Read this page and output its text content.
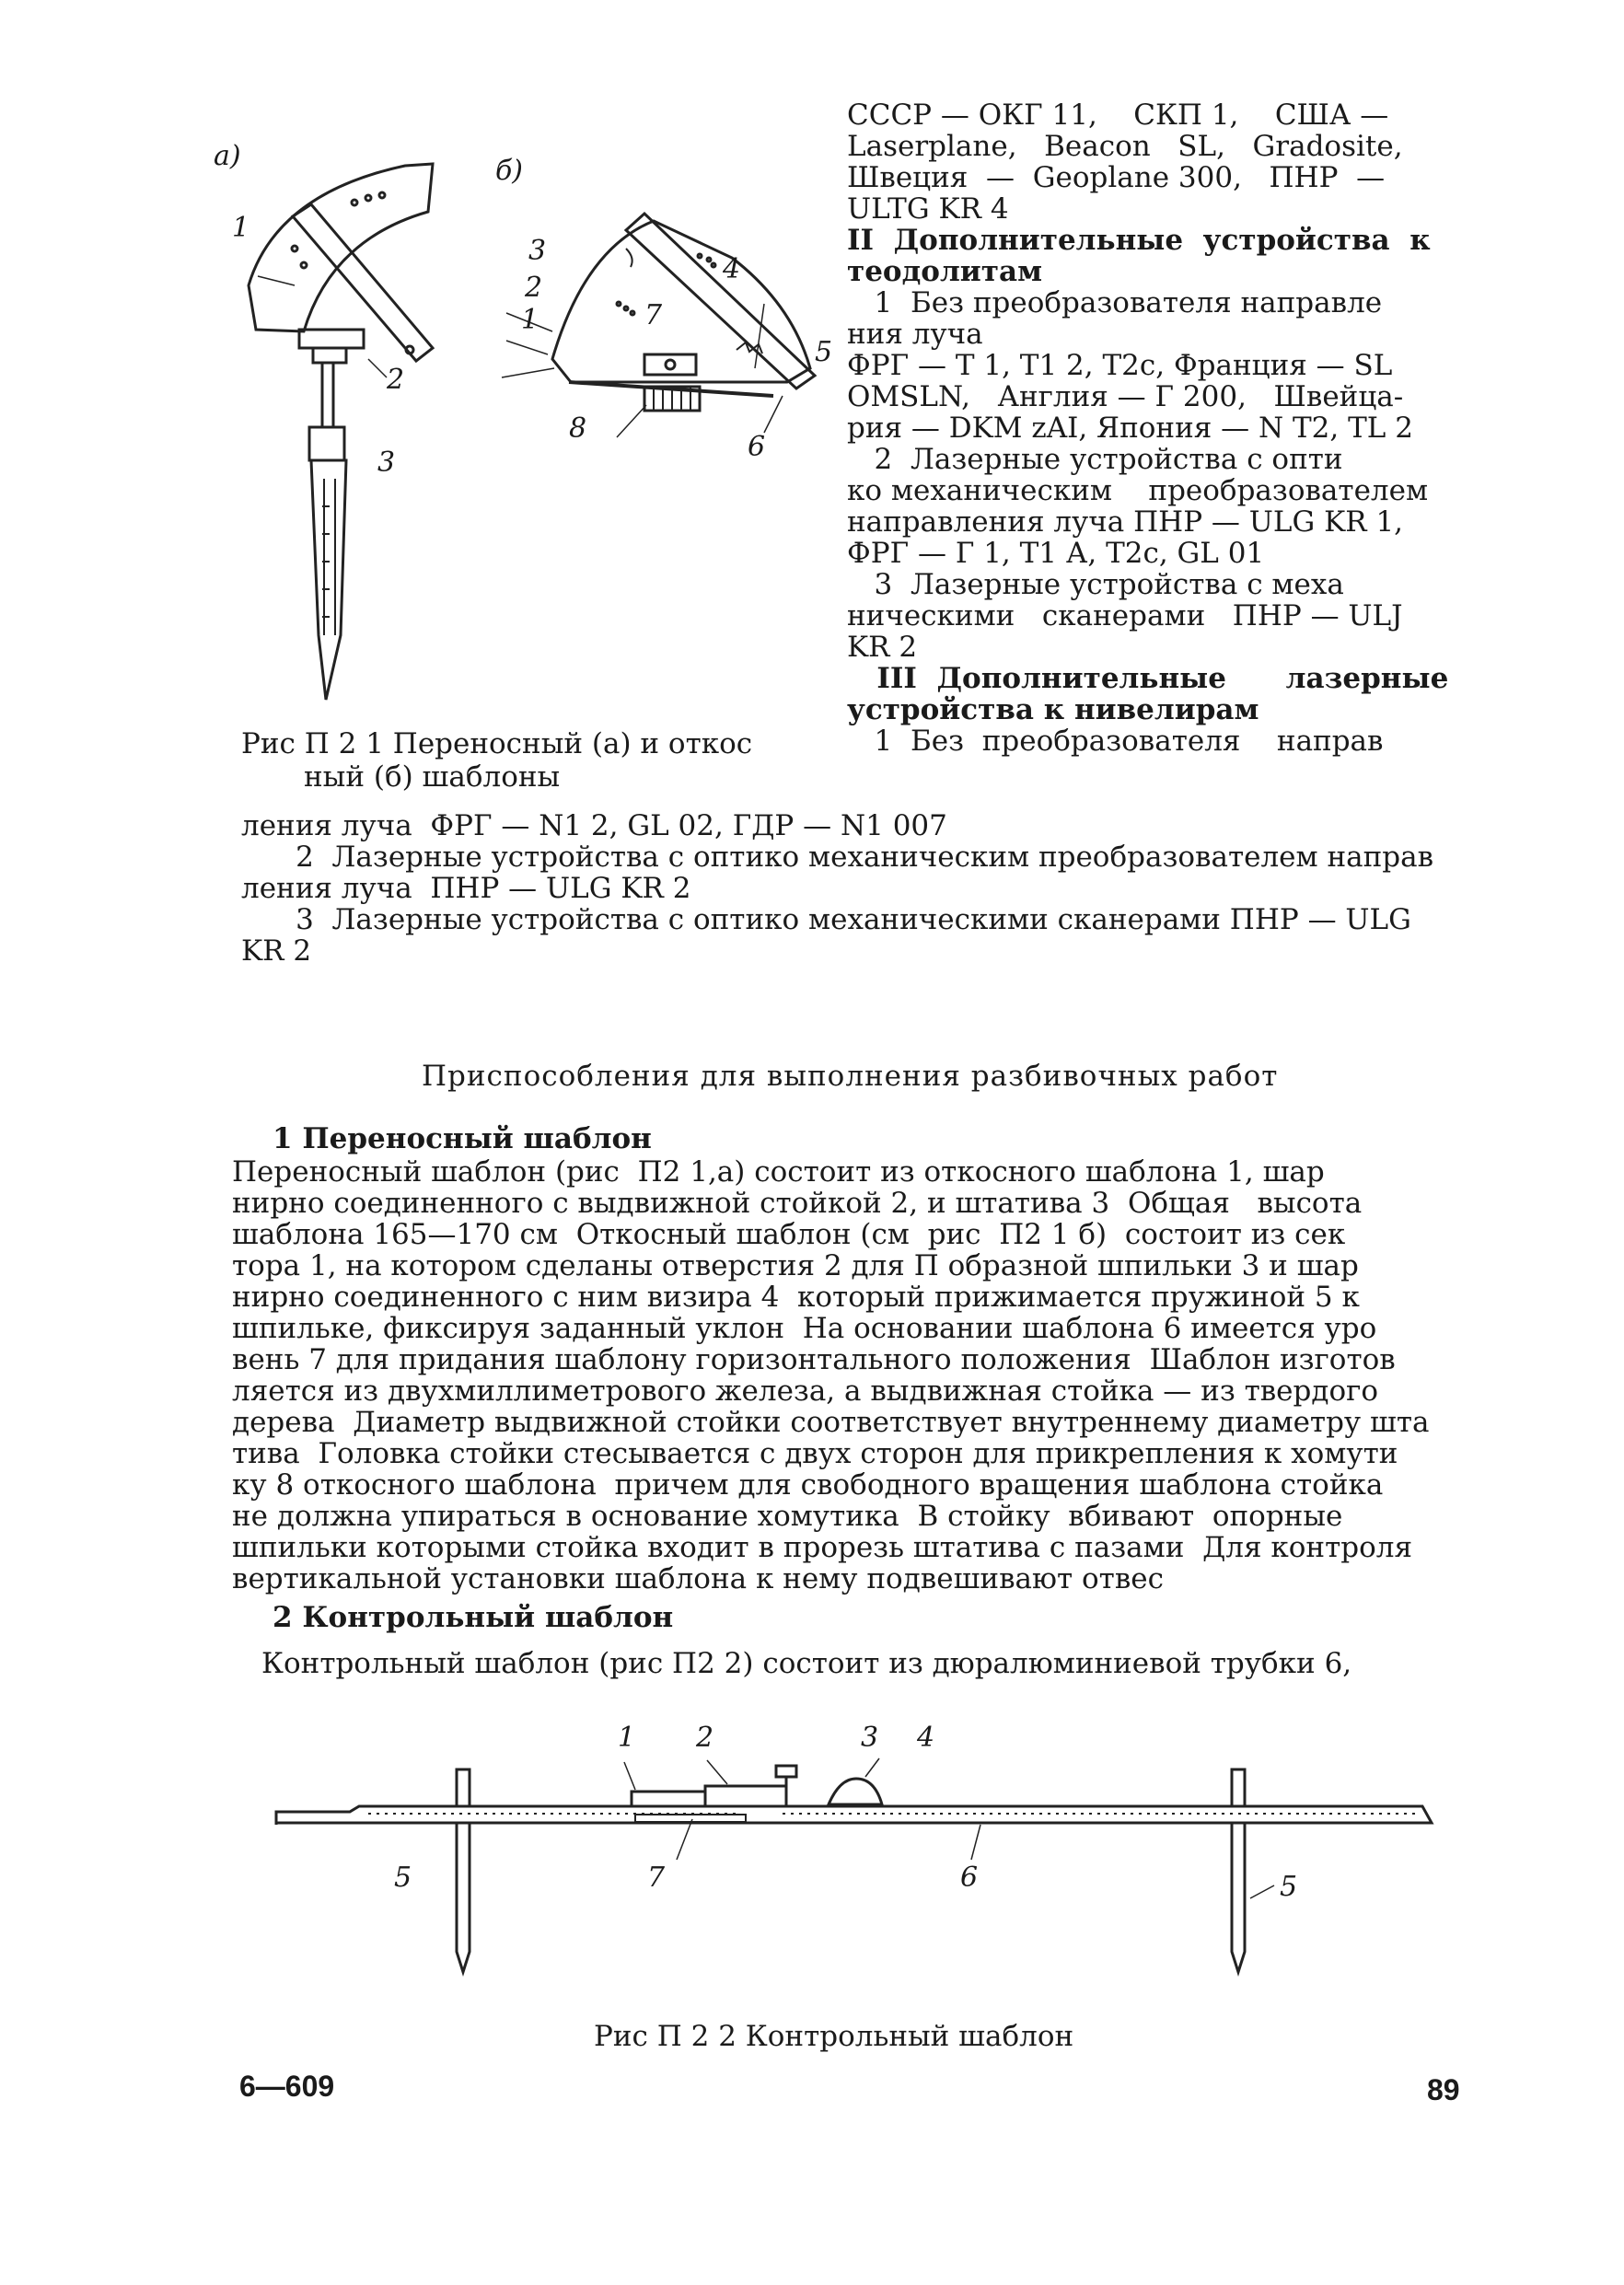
а)	б)
1
2
3
3
2
1	7
4
5
8
6
Рис П 2 1 Переносный (а) и откос
ный (б) шаблоны
СССР — ОКГ 11,    СКП 1,    США —
Laserplane,   Beacon   SL,   Gradosite,
Швеция  —  Geoplane 300,   ПНР  —
ULTG KR 4
II  Дополнительные  устройства  к
теодолитам
1  Без преобразователя направле
ния луча
ФРГ — Т 1, Т1 2, Т2с, Франция — SL
OMSLN,   Англия — Г 200,   Швейца-
рия — DKM zAI, Япония — N T2, TL 2
2  Лазерные устройства с опти
ко механическим    преобразователем
направления луча ПНР — ULG KR 1,
ФРГ — Г 1, Т1 А, Т2с, GL 01
3  Лазерные устройства с меха
ническими   сканерами   ПНР — ULJ
KR 2
III  Дополнительные      лазерные
устройства к нивелирам
1  Без  преобразователя    направ
ления луча  ФРГ — N1 2, GL 02, ГДР — N1 007
2  Лазерные устройства с оптико механическим преобразователем направ
ления луча  ПНР — ULG KR 2
3  Лазерные устройства с оптико механическими сканерами ПНР — ULG
KR 2
Приспособления для выполнения разбивочных работ
1 Переносный шаблон
Переносный шаблон (рис  П2 1,а) состоит из откосного шаблона 1, шар
нирно соединенного с выдвижной стойкой 2, и штатива 3  Общая   высота
шаблона 165—170 см  Откосный шаблон (см  рис  П2 1 б)  состоит из сек
тора 1, на котором сделаны отверстия 2 для П образной шпильки 3 и шар
нирно соединенного с ним визира 4  который прижимается пружиной 5 к
шпильке, фиксируя заданный уклон  На основании шаблона 6 имеется уро
вень 7 для придания шаблону горизонтального положения  Шаблон изготов
ляется из двухмиллиметрового железа, а выдвижная стойка — из твердого
дерева  Диаметр выдвижной стойки соответствует внутреннему диаметру шта
тива  Головка стойки стесывается с двух сторон для прикрепления к хомути
ку 8 откосного шаблона  причем для свободного вращения шаблона стойка
не должна упираться в основание хомутика  В стойку  вбивают  опорные
шпильки которыми стойка входит в прорезь штатива с пазами  Для контроля
вертикальной установки шаблона к нему подвешивают отвес
2 Контрольный шаблон
Контрольный шаблон (рис П2 2) состоит из дюралюминиевой трубки 6,
1 2	3 4
5	7	6	5
Рис П 2 2 Контрольный шаблон
6—609	89
